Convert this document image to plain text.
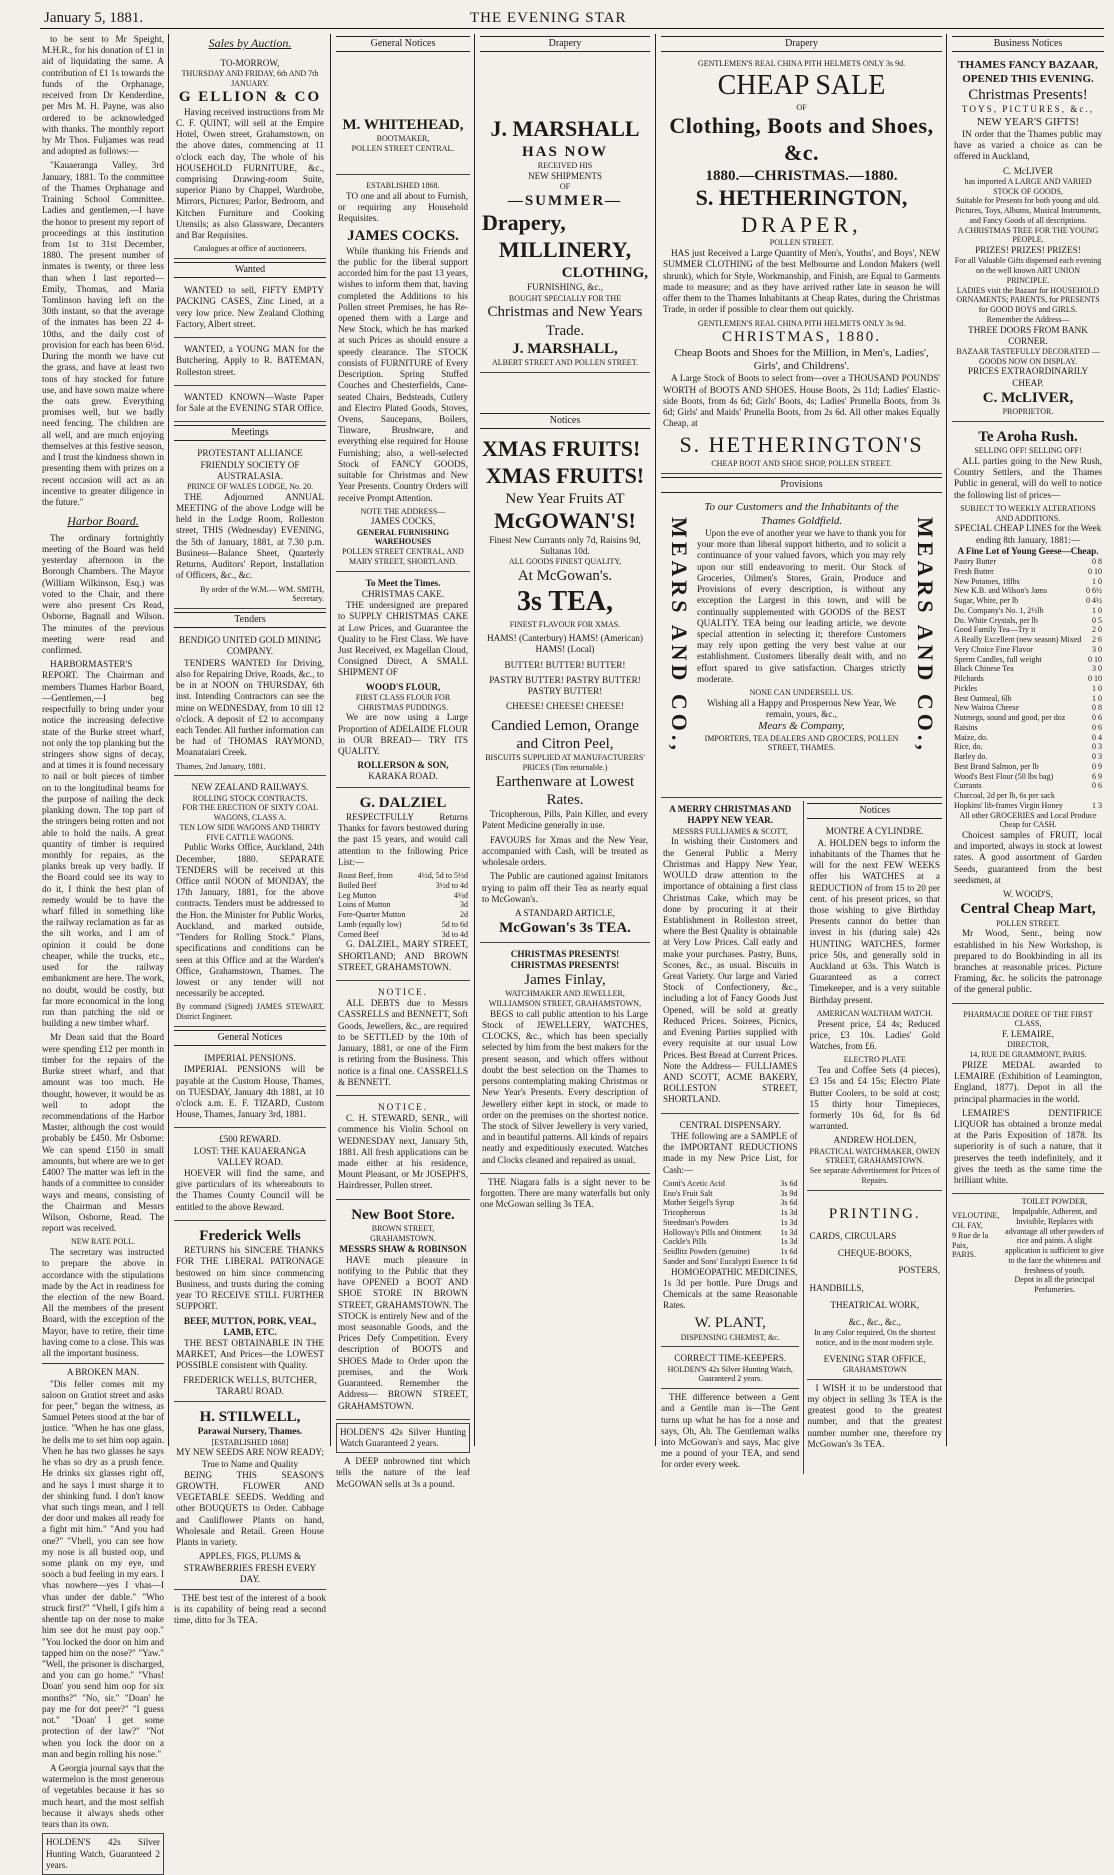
January 5, 1881.	THE EVENING STAR

to be sent to Mr Speight, M.H.R., for his donation of £1 in aid of liquidating the same. A contribution of £1 1s towards the funds of the Orphanage, received from Dr Kenderdine, per Mrs M. H. Payne, was also ordered to be acknowledged with thanks. The monthly report by Mr Thos. Fuljames was read and adopted as follows:—

"Kauaeranga Valley, 3rd January, 1881. To the committee of the Thames Orphanage and Training School Committee. Ladies and gentlemen,—I have the honor to present my report of proceedings at this institution from 1st to 31st December, 1880. The present number of inmates is twenty, or three less than when I last reported—Emily, Thomas, and Maria Tomlinson having left on the 30th instant, so that the average of the inmates has been 22 4-10ths, and the daily cost of provision for each has been 6½d. During the month we have cut the grass, and have at least two tons of hay stocked for future use, and have sown maize where the oats grew. Everything promises well, but we badly need fencing. The children are all well, and are much enjoying themselves at this festive season, and I trust the kindness shown in presenting them with prizes on a recent occasion will act as an incentive to greater diligence in the future."

Harbor Board.

The ordinary fortnightly meeting of the Board was held yesterday afternoon in the Borough Chambers. The Mayor (William Wilkinson, Esq.) was voted to the Chair, and there were also present Crs Read, Osborne, Bagnall and Wilson. The minutes of the previous meeting were read and confirmed.

HARBORMASTER'S REPORT. The Chairman and members Thames Harbor Board,—Gentlemen,—I beg respectfully to bring under your notice the increasing defective state of the Burke street wharf, not only the top planking but the stringers show signs of decay, and at times it is found necessary to nail or bolt pieces of timber on to the longitudinal beams for the purpose of nailing the deck planking down. The top part of the stringers being rotten and not able to hold the nails. A great quantity of timber is required monthly for repairs, as the planks break up very badly. If the Board could see its way to do it, I think the best plan of remedy would be to have the wharf filled in something like the railway reclamation as far as the silt works, and I am of opinion it could be done cheaper, while the trucks, etc., used for the railway embankment are here. The work, no doubt, would be costly, but far more economical in the long run than patching the old or building a new timber wharf.

Mr Dean said that the Board were spending £12 per month in timber for the repairs of the Burke street wharf, and that amount was too much. He thought, however, it would be as well to adopt the recommendations of the Harbor Master, although the cost would probably be £450. Mr Osborne: We can spend £150 in small amounts, but where are we to get £400? The matter was left in the hands of a committee to consider ways and means, consisting of the Chairman and Messrs Wilson, Osborne, Read. The report was received.

NEW RATE POLL.

The secretary was instructed to prepare the above in accordance with the stipulations made by the Act in readiness for the election of the new Board. All the members of the present Board, with the exception of the Mayor, have to retire, their time having come to a close. This was all the important business.

A BROKEN MAN.

"Dis feller comes mit my saloon on Gratiot street and asks for peer," began the witness, as Samuel Peters stood at the bar of justice. "When he has one glass, he dells me to set him oop again. Vhen he has two glasses he says he vhas so dry as a prush fence. He drinks six glasses right off, and he says I must sharge it to der shinking fund. I don't know vhat such tings mean, and I tell der door und makes all ready for a fight mit him." "And you had one?" "Vhell, you can see how my nose is all busted oop, und some plank on my eye, und sooch a bud feeling in my ears. I vhas nowhere—yes I vhas—I vhas under der dable." "Who struck first?" "Vhell, I gifs him a shentle tap on der nose to make him see dot he must pay oop." "You locked the door on him and tapped him on the nose?" "Yaw." "Well, the prisoner is discharged, and you can go home." "Vhas! Doan' you send him oop for six months?" "No, sir." "Doan' he pay me for dot peer?" "I guess not." "Doan' I get some protection of der law?" "Not when you lock the door on a man and begin rolling his nose."

A Georgia journal says that the watermelon is the most generous of vegetables because it has so much heart, and the most selfish because it always sheds other tears than its own.

HOLDEN'S 42s Silver Hunting Watch, Guaranteed 2 years.
Sales by Auction.
TO-MORROW,
THURSDAY AND FRIDAY, 6th AND 7th JANUARY.
G ELLION & CO

Having received instructions from Mr C. F. QUINT, will sell at the Empire Hotel, Owen street, Grahamstown, on the above dates, commencing at 11 o'clock each day, The whole of his HOUSEHOLD FURNITURE, &c., comprising Drawing-room Suite, superior Piano by Chappel, Wardrobe, Mirrors, Pictures; Parlor, Bedroom, and Kitchen Furniture and Cooking Utensils; as also Glassware, Decanters and Bar Requisites.

Catalogues at office of auctioneers.
Wanted

WANTED to sell, FIFTY EMPTY PACKING CASES, Zinc Lined, at a very low price. New Zealand Clothing Factory, Albert street.

WANTED, a YOUNG MAN for the Butchering. Apply to R. BATEMAN, Rolleston street.

WANTED KNOWN—Waste Paper for Sale at the EVENING STAR Office.

Meetings
PROTESTANT ALLIANCE FRIENDLY SOCIETY OF AUSTRALASIA.
PRINCE OF WALES LODGE, No. 20.

THE Adjourned ANNUAL MEETING of the above Lodge will be held in the Lodge Room, Rolleston street, THIS (Wednesday) EVENING, the 5th of January, 1881, at 7.30 p.m. Business—Balance Sheet, Quarterly Returns, Auditors' Report, Installation of Officers, &c., &c.

By order of the W.M.— WM. SMITH, Secretary.
Tenders
BENDIGO UNITED GOLD MINING COMPANY.

TENDERS WANTED for Driving, also for Repairing Drive, Roads, &c., to be in at NOON on THURSDAY, 6th inst. Intending Contractors can see the mine on WEDNESDAY, from 10 till 12 o'clock. A deposit of £2 to accompany each Tender. All further information can be had of THOMAS RAYMOND, Moanataiari Creek.

Thames, 2nd January, 1881.
NEW ZEALAND RAILWAYS.
ROLLING STOCK CONTRACTS.
FOR THE ERECTION OF SIXTY COAL WAGONS, CLASS A.
TEN LOW SIDE WAGONS AND THIRTY FIVE CATTLE WAGONS.

Public Works Office, Auckland, 24th December, 1880. SEPARATE TENDERS will be received at this Office until NOON of MONDAY, the 17th January, 1881, for the above contracts. Tenders must be addressed to the Hon. the Minister for Public Works, Auckland, and marked outside, "Tenders for Rolling Stock." Plans, specifications and conditions can be seen at this Office and at the Warden's Office, Grahamstown, Thames. The lowest or any tender will not necessarily be accepted.

By command (Signed) JAMES STEWART, District Engineer.
General Notices
IMPERIAL PENSIONS.

IMPERIAL PENSIONS will be payable at the Custom House, Thames, on TUESDAY, January 4th 1881, at 10 o'clock a.m. E. F. TIZARD, Custom House, Thames, January 3rd, 1881.

£500 REWARD.
LOST: THE KAUAERANGA VALLEY ROAD.

HOEVER will find the same, and give particulars of its whereabouts to the Thames County Council will be entitled to the above Reward.

Frederick Wells

RETURNS his SINCERE THANKS FOR THE LIBERAL PATRONAGE bestowed on him since commencing Business, and trusts during the coming year TO RECEIVE STILL FURTHER SUPPORT.

BEEF, MUTTON, PORK, VEAL, LAMB, ETC.

THE BEST OBTAINABLE IN THE MARKET, And Prices—the LOWEST POSSIBLE consistent with Quality.

FREDERICK WELLS, BUTCHER, TARARU ROAD.
H. STILWELL,
Parawai Nursery, Thames.
[ESTABLISHED 1868]
MY NEW SEEDS ARE NOW READY; True to Name and Quality

BEING THIS SEASON'S GROWTH. FLOWER AND VEGETABLE SEEDS. Wedding and other BOUQUETS to Order. Cabbage and Cauliflower Plants on hand, Wholesale and Retail. Green House Plants in variety.

APPLES, FIGS, PLUMS & STRAWBERRIES FRESH EVERY DAY.

THE best test of the interest of a book is its capability of being read a second time, ditto for 3s TEA.

General Notices
M. WHITEHEAD,
BOOTMAKER,
POLLEN STREET CENTRAL.
ESTABLISHED 1868.

TO one and all about to Furnish, or requiring any Household Requisites.

JAMES COCKS.

While thanking his Friends and the public for the liberal support accorded him for the past 13 years, wishes to inform them that, having completed the Additions to his Pollen street Premises, he has Re-opened them with a Large and New Stock, which he has marked at such Prices as should ensure a speedy clearance. The STOCK consists of FURNITURE of Every Description. Spring Stuffed Couches and Chesterfields, Cane-seated Chairs, Bedsteads, Cutlery and Electro Plated Goods, Stoves, Ovens, Saucepans, Boilers, Tinware, Brushware, and everything else required for House Furnishing; also, a well-selected Stock of FANCY GOODS, suitable for Christmas and New Year Presents. Country Orders will receive Prompt Attention.

NOTE THE ADDRESS—
JAMES COCKS,
GENERAL FURNISHING WAREHOUSES
POLLEN STREET CENTRAL, AND MARY STREET, SHORTLAND.
To Meet the Times.
CHRISTMAS CAKE.

THE undersigned are prepared to SUPPLY CHRISTMAS CAKE at Low Prices, and Guarantee the Quality to be First Class. We have Just Received, ex Magellan Cloud, Consigned Direct, A SMALL SHIPMENT OF

WOOD'S FLOUR,
FIRST CLASS FLOUR FOR CHRISTMAS PUDDINGS.

We are now using a Large Proportion of ADELAIDE FLOUR in OUR BREAD— TRY ITS QUALITY.

ROLLERSON & SON,
KARAKA ROAD.
G. DALZIEL

RESPECTFULLY Returns Thanks for favors bestowed during the past 15 years, and would call attention to the following Price List:—

Roast Beef, from	4½d, 5d to 5½d
Boiled Beef	3½d to 4d
Leg Mutton	4½d
Loins of Mutton	3d
Fore-Quarter Mutton	2d
Lamb (equally low)	5d to 6d
Corned Beef	3d to 4d

G. DALZIEL, MARY STREET, SHORTLAND; AND BROWN STREET, GRAHAMSTOWN.

NOTICE.

ALL DEBTS due to Messrs CASSRELLS and BENNETT, Soft Goods, Jewellers, &c., are required to be SETTLED by the 10th of January, 1881, or one of the Firm is retiring from the Business. This notice is a final one. CASSRELLS & BENNETT.

NOTICE.

C. H. STEWARD, SENR., will commence his Violin School on WEDNESDAY next, January 5th, 1881. All fresh applications can be made either at his residence, Mount Pleasant, or Mr JOSEPH'S, Hairdresser, Pollen street.

New Boot Store.
BROWN STREET, GRAHAMSTOWN.
MESSRS SHAW & ROBINSON

HAVE much pleasure in notifying to the Public that they have OPENED a BOOT AND SHOE STORE IN BROWN STREET, GRAHAMSTOWN. The STOCK is entirely New and of the most seasonable Goods, and the Prices Defy Competition. Every description of BOOTS and SHOES Made to Order upon the premises, and the Work Guaranteed. Remember the Address— BROWN STREET, GRAHAMSTOWN.

HOLDEN'S 42s Silver Hunting Watch Guaranteed 2 years.

A DEEP unbrowned tint which tells the nature of the leaf McGOWAN sells at 3s a pound.

Drapery
J. MARSHALL
HAS NOW
RECEIVED HIS
NEW SHIPMENTS
OF
—SUMMER—
Drapery,
MILLINERY,
CLOTHING,
FURNISHING, &c.,
BOUGHT SPECIALLY FOR THE
Christmas and New Years Trade.
J. MARSHALL,
ALBERT STREET AND POLLEN STREET.
Notices
XMAS FRUITS!
XMAS FRUITS!
New Year Fruits AT
McGOWAN'S!
Finest New Currants only 7d, Raisins 9d, Sultanas 10d.
ALL GOODS FINEST QUALITY,
At McGowan's.
3s TEA,
FINEST FLAVOUR FOR XMAS.
HAMS! (Canterbury) HAMS! (American) HAMS! (Local)
BUTTER! BUTTER! BUTTER!
PASTRY BUTTER! PASTRY BUTTER! PASTRY BUTTER!
CHEESE! CHEESE! CHEESE!
Candied Lemon, Orange and Citron Peel,
BISCUITS SUPPLIED AT MANUFACTURERS' PRICES (Tins returnable.)
Earthenware at Lowest Rates.

Tricopherous, Pills, Pain Killer, and every Patent Medicine generally in use.

FAVOURS for Xmas and the New Year, accompanied with Cash, will be treated as wholesale orders.

The Public are cautioned against Imitators trying to palm off their Tea as nearly equal to McGowan's.

A STANDARD ARTICLE,
McGowan's 3s TEA.
CHRISTMAS PRESENTS! CHRISTMAS PRESENTS!
James Finlay,
WATCHMAKER AND JEWELLER, WILLIAMSON STREET, GRAHAMSTOWN,

BEGS to call public attention to his Large Stock of JEWELLERY, WATCHES, CLOCKS, &c., which has been specially selected by him from the best makers for the present season, and which offers without doubt the best selection on the Thames to persons contemplating making Christmas or New Year's Presents. Every description of Jewellery either kept in stock, or made to order on the premises on the shortest notice. The stock of Silver Jewellery is very varied, and in beautiful patterns. All kinds of repairs neatly and expeditiously executed. Watches and Clocks cleaned and repaired as usual.

THE Niagara falls is a sight never to be forgotten. There are many waterfalls but only one McGowan selling 3s TEA.

Drapery
GENTLEMEN'S REAL CHINA PITH HELMETS ONLY 3s 9d.
CHEAP SALE
OF
Clothing, Boots and Shoes, &c.
1880.—CHRISTMAS.—1880.
S. HETHERINGTON,
DRAPER,
POLLEN STREET.

HAS just Received a Large Quantity of Men's, Youths', and Boys', NEW SUMMER CLOTHING of the best Melbourne and London Makers (well shrunk), which for Style, Workmanship, and Finish, are Equal to Garments made to measure; and as they have arrived rather late in season he will offer them to the Thames Inhabitants at Cheap Rates, during the Christmas Trade, in order if possible to clear them out quickly.

GENTLEMEN'S REAL CHINA PITH HELMETS ONLY 3s 9d.
CHRISTMAS, 1880.
Cheap Boots and Shoes for the Million, in Men's, Ladies', Girls', and Childrens'.

A Large Stock of Boots to select from—over a THOUSAND POUNDS' WORTH of BOOTS AND SHOES. House Boots, 2s 11d; Ladies' Elastic-side Boots, from 4s 6d; Girls' Boots, 4s; Ladies' Prunella Boots, from 3s 6d; Girls' and Maids' Prunella Boots, from 2s 6d. All other makes Equally Cheap, at

S. HETHERINGTON'S
CHEAP BOOT AND SHOE SHOP, POLLEN STREET.
Provisions
MEARS AND CO.,	MEARS AND CO.,
To our Customers and the Inhabitants of the Thames Goldfield.

Upon the eve of another year we have to thank you for your more than liberal support hitherto, and to solicit a continuance of your valued favors, which you may rely upon our still endeavoring to merit. Our Stock of Groceries, Oilmen's Stores, Grain, Produce and Provisions of every description, is without any exception the Largest in this town, and will be continually supplemented with GOODS of the BEST QUALITY. TEA being our leading article, we devote special attention in selecting it; therefore Customers may rely upon getting the very best value at our establishment. Customers liberally dealt with, and no effort spared to give satisfaction. Charges strictly moderate.

NONE CAN UNDERSELL US.
Wishing all a Happy and Prosperous New Year, We remain, yours, &c.,
Mears & Company,
IMPORTERS, TEA DEALERS AND GROCERS, POLLEN STREET, THAMES.
A MERRY CHRISTMAS AND HAPPY NEW YEAR.
MESSRS FULLJAMES & SCOTT,

In wishing their Customers and the General Public a Merry Christmas and Happy New Year, WOULD draw attention to the importance of obtaining a first class Christmas Cake, which may be done by procuring it at their Establishment in Rolleston street, where the Best Quality is obtainable at Very Low Prices. Call early and make your purchases. Pastry, Buns, Scones, &c., as usual. Biscuits in Great Variety. Our large and Varied Stock of Confectionery, &c., including a lot of Fancy Goods Just Opened, will be sold at greatly Reduced Prices. Soirees, Picnics, and Evening Parties supplied with every requisite at our usual Low Prices. Best Bread at Current Prices. Note the Address— FULLJAMES AND SCOTT, ACME BAKERY, ROLLESTON STREET, SHORTLAND.

CENTRAL DISPENSARY.

THE following are a SAMPLE of the IMPORTANT REDUCTIONS made in my New Price List, for Cash:—

Conti's Acetic Acid	3s 6d
Eno's Fruit Salt	3s 9d
Mother Seigel's Syrup	3s 6d
Tricopherous	1s 3d
Steedman's Powders	1s 3d
Holloway's Pills and Ointment 1s 3d
Cockle's Pills	1s 3d
Seidlitz Powders (genuine)	1s 6d
Sander and Sons' Eucalypti Essence 1s 6d

HOMOEOPATHIC MEDICINES, 1s 3d per bottle. Pure Drugs and Chemicals at the same Reasonable Rates.

W. PLANT,
DISPENSING CHEMIST, &c.
CORRECT TIME-KEEPERS.
HOLDEN'S 42s Silver Hunting Watch, Guaranteed 2 years.

THE difference between a Gent and a Gentile man is—The Gent turns up what he has for a nose and says, Oh, Ah. The Gentleman walks into McGowan's and says, Mac give me a pound of your TEA, and send for order every week.

Notices
MONTRE A CYLINDRE.

A. HOLDEN begs to inform the inhabitants of the Thames that he will for the next FEW WEEKS offer his WATCHES at a REDUCTION of from 15 to 20 per cent. of his present prices, so that those wishing to give Birthday Presents cannot do better than invest in his (during sale) 42s HUNTING WATCHES, former price 50s, and generally sold in Auckland at 63s. This Watch is Guaranteed as a correct Timekeeper, and is a very suitable Birthday present.

AMERICAN WALTHAM WATCH.

Present price, £4 4s; Reduced price, £3 10s. Ladies' Gold Watches, from £6.

ELECTRO PLATE

Tea and Coffee Sets (4 pieces), £3 15s and £4 15s; Electro Plate Butter Coolers, to be sold at cost; 15 thirty hour Timepieces, formerly 10s 6d, for 8s 6d warranted.

ANDREW HOLDEN,
PRACTICAL WATCHMAKER, OWEN STREET, GRAHAMSTOWN.
See separate Advertisement for Prices of Repairs.
PRINTING.
CARDS, CIRCULARS
CHEQUE-BOOKS,
POSTERS,
HANDBILLS,
THEATRICAL WORK,
&c., &c., &c.,
In any Color required, On the shortest notice, and in the most modern style.
EVENING STAR OFFICE,
GRAHAMSTOWN

I WISH it to be understood that my object in selling 3s TEA is the greatest good to the greatest number, and that the greatest number number one, therefore try McGowan's 3s TEA.

Business Notices
THAMES FANCY BAZAAR, OPENED THIS EVENING.
Christmas Presents!
TOYS, PICTURES, &c.,
NEW YEAR'S GIFTS!

IN order that the Thames public may have as varied a choice as can be offered in Auckland,

C. McLIVER
has imported A LARGE AND VARIED STOCK OF GOODS,
Suitable for Presents for both young and old.
Pictures, Toys, Albums, Musical Instruments, and Fancy Goods of all descriptions.
A CHRISTMAS TREE FOR THE YOUNG PEOPLE.
PRIZES! PRIZES! PRIZES!
For all Valuable Gifts dispensed each evening on the well known ART UNION PRINCIPLE.
LADIES visit the Bazaar for HOUSEHOLD ORNAMENTS; PARENTS, for PRESENTS for GOOD BOYS and GIRLS.
Remember the Address—
THREE DOORS FROM BANK CORNER.
BAZAAR TASTEFULLY DECORATED —GOODS NOW ON DISPLAY.
PRICES EXTRAORDINARILY CHEAP.
C. McLIVER,
PROPRIETOR.
Te Aroha Rush.
SELLING OFF! SELLING OFF!

ALL parties going to the New Rush, Country Settlers, and the Thames Public in general, will do well to notice the following list of prices—

SUBJECT TO WEEKLY ALTERATIONS AND ADDITIONS.
SPECIAL CHEAP LINES for the Week ending 8th January, 1881:—
A Fine Lot of Young Geese—Cheap.
Pastry Butter	0 8
Fresh Butter	0 10
New Potatoes, 18lbs	1 0
New K.B. and Wilson's Jams	0 6½
Sugar, White, per lb	0 4½
Do. Company's No. 1, 2½lb	1 0
Do. White Crystals, per lb	0 5
Good Family Tea—Try it	2 0
A Really Excellent (new season) Mixed 2 6
Very Choice Fine Flavor	3 0
Sperm Candles, full weight	0 10
Black Chinese Tea	3 0
Pilchards	0 10
Pickles	1 0
Best Oatmeal, 6lb	1 0
New Wairoa Cheese	0 8
Nutmegs, sound and good, per doz	0 6
Raisins	0 6
Maize, do.	0 4
Rice, do.	0 3
Barley do.	0 3
Best Brand Salmon, per lb	0 9
Wood's Best Flour (50 lbs bag)	6 9
Currants	0 6
Charcoal, 2d per lb, 6s per sack
Hopkins' lib-frames Virgin Honey	1 3
All other GROCERIES and Local Produce Cheap for CASH.

Choicest samples of FRUIT, local and imported, always in stock at lowest rates. A good assortment of Garden Seeds, guaranteed from the best seedsmen, at

W. WOOD'S,
Central Cheap Mart,
POLLEN STREET.

Mr Wood, Senr., being now established in his New Workshop, is prepared to do Bookbinding in all its branches at reasonable prices. Picture Framing, &c. he solicits the patronage of the general public.

PHARMACIE DOREE OF THE FIRST CLASS,
F. LEMAIRE,
DIRECTOR,
14, RUE DE GRAMMONT, PARIS.

PRIZE MEDAL awarded to LEMAIRE (Exhibition of Leamington, England, 1877). Depot in all the principal pharmacies in the world.

LEMAIRE'S DENTIFRICE LIQUOR has obtained a bronze medal at the Paris Exposition of 1878. Its superiority is of such a nature, that it preserves the teeth indefinitely, and it gives the teeth as the same time the brilliant white.

VELOUTINE,
CH. FAY,
9 Rue de la
Paix,
PARIS.
TOILET POWDER,
Impalpable, Adherent, and Invisible, Replaces with advantage all other powders of rice and paints. A slight application is sufficient to give to the face the whiteness and freshness of youth.
Depot in all the principal Perfumeries.
